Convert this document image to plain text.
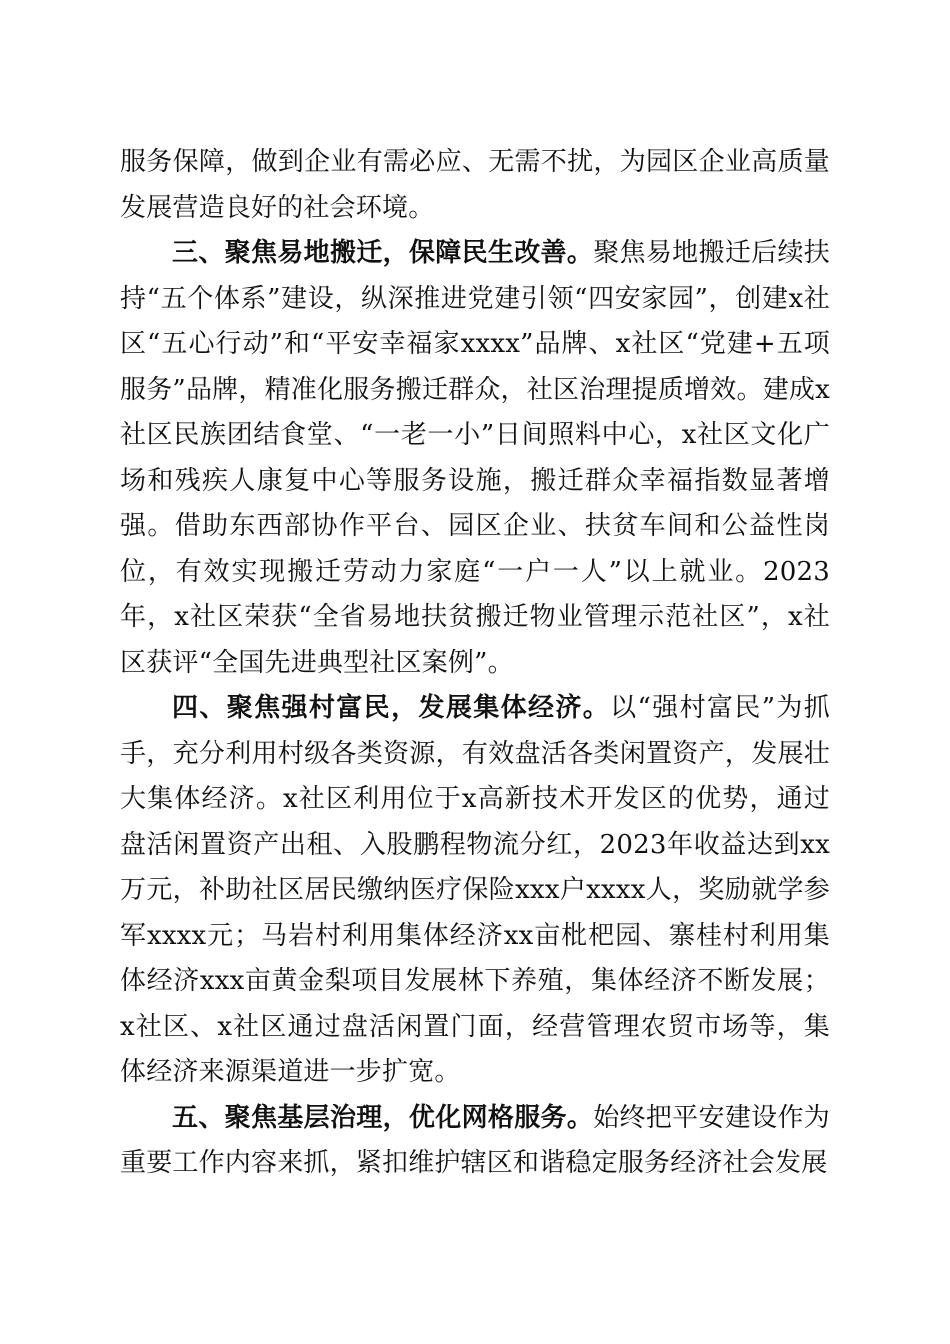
服务保障，做到企业有需必应、无需不扰，为园区企业高质量发展营造良好的社会环境。

三、聚焦易地搬迁，保障民生改善。聚焦易地搬迁后续扶持“五个体系”建设，纵深推进党建引领“四安家园”，创建x社区“五心行动”和“平安幸福家xxxx”品牌、x社区“党建+五项服务”品牌，精准化服务搬迁群众，社区治理提质增效。建成x社区民族团结食堂、“一老一小”日间照料中心，x社区文化广场和残疾人康复中心等服务设施，搬迁群众幸福指数显著增强。借助东西部协作平台、园区企业、扶贫车间和公益性岗位，有效实现搬迁劳动力家庭“一户一人”以上就业。2023年，x社区荣获“全省易地扶贫搬迁物业管理示范社区”，x社区获评“全国先进典型社区案例”。

四、聚焦强村富民，发展集体经济。以“强村富民”为抓手，充分利用村级各类资源，有效盘活各类闲置资产，发展壮大集体经济。x社区利用位于x高新技术开发区的优势，通过盘活闲置资产出租、入股鹏程物流分红，2023年收益达到xx万元，补助社区居民缴纳医疗保险xxx户xxxx人，奖励就学参军xxxx元；马岩村利用集体经济xx亩枇杷园、寨桂村利用集体经济xxx亩黄金梨项目发展林下养殖，集体经济不断发展；x社区、x社区通过盘活闲置门面，经营管理农贸市场等，集体经济来源渠道进一步扩宽。

五、聚焦基层治理，优化网格服务。始终把平安建设作为重要工作内容来抓，紧扣维护辖区和谐稳定服务经济社会发展
